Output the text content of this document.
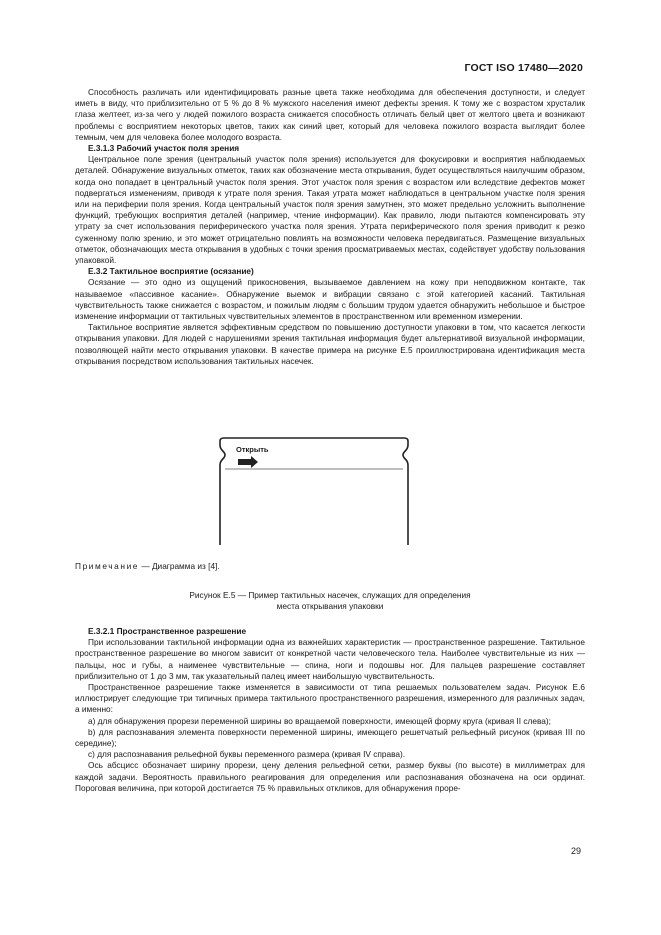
ГОСТ ISO 17480—2020

Способность различать или идентифицировать разные цвета также необходима для обеспечения доступности, и следует иметь в виду, что приблизительно от 5 % до 8 % мужского населения имеют дефекты зрения. К тому же с возрастом хрусталик глаза желтеет, из-за чего у людей пожилого возраста снижается способность отличать белый цвет от желтого цвета и возникают проблемы с восприятием некоторых цветов, таких как синий цвет, который для человека пожилого возраста выглядит более темным, чем для человека более молодого возраста.

E.3.1.3 Рабочий участок поля зрения

Центральное поле зрения (центральный участок поля зрения) используется для фокусировки и восприятия наблюдаемых деталей. Обнаружение визуальных отметок, таких как обозначение места открывания, будет осуществляться наилучшим образом, когда оно попадает в центральный участок поля зрения. Этот участок поля зрения с возрастом или вследствие дефектов может подвергаться изменениям, приводя к утрате поля зрения. Такая утрата может наблюдаться в центральном участке поля зрения или на периферии поля зрения. Когда центральный участок поля зрения замутнен, это может предельно усложнить выполнение функций, требующих восприятия деталей (например, чтение информации). Как правило, люди пытаются компенсировать эту утрату за счет использования периферического участка поля зрения. Утрата периферического поля зрения приводит к резко суженному полю зрению, и это может отрицательно повлиять на возможности человека передвигаться. Размещение визуальных отметок, обозначающих места открывания в удобных с точки зрения просматриваемых местах, содействует удобству пользования упаковкой.

E.3.2 Тактильное восприятие (осязание)

Осязание — это одно из ощущений прикосновения, вызываемое давлением на кожу при неподвижном контакте, так называемое «пассивное касание». Обнаружение выемок и вибрации связано с этой категорией касаний. Тактильная чувствительность также снижается с возрастом, и пожилым людям с большим трудом удается обнаружить небольшое и быстрое изменение информации от тактильных чувствительных элементов в пространственном или временном измерении.

Тактильное восприятие является эффективным средством по повышению доступности упаковки в том, что касается легкости открывания упаковки. Для людей с нарушениями зрения тактильная информация будет альтернативой визуальной информации, позволяющей найти место открывания упаковки. В качестве примера на рисунке E.5 проиллюстрирована идентификация места открывания посредством использования тактильных насечек.

Открыть
Примечание — Диаграмма из [4].
Рисунок E.5 — Пример тактильных насечек, служащих для определения
места открывания упаковки

E.3.2.1 Пространственное разрешение

При использовании тактильной информации одна из важнейших характеристик — пространственное разрешение. Тактильное пространственное разрешение во многом зависит от конкретной части человеческого тела. Наиболее чувствительные из них — пальцы, нос и губы, а наименее чувствительные — спина, ноги и подошвы ног. Для пальцев разрешение составляет приблизительно от 1 до 3 мм, так указательный палец имеет наибольшую чувствительность.

Пространственное разрешение также изменяется в зависимости от типа решаемых пользователем задач. Рисунок E.6 иллюстрирует следующие три типичных примера тактильного пространственного разрешения, измеренного для различных задач, а именно:

a) для обнаружения прорези переменной ширины во вращаемой поверхности, имеющей форму круга (кривая II слева);

b) для распознавания элемента поверхности переменной ширины, имеющего решетчатый рельефный рисунок (кривая III по середине);

c) для распознавания рельефной буквы переменного размера (кривая IV справа).

Ось абсцисс обозначает ширину прорези, цену деления рельефной сетки, размер буквы (по высоте) в миллиметрах для каждой задачи. Вероятность правильного реагирования для определения или распознавания обозначена на оси ординат. Пороговая величина, при которой достигается 75 % правильных откликов, для обнаружения проре-

29
